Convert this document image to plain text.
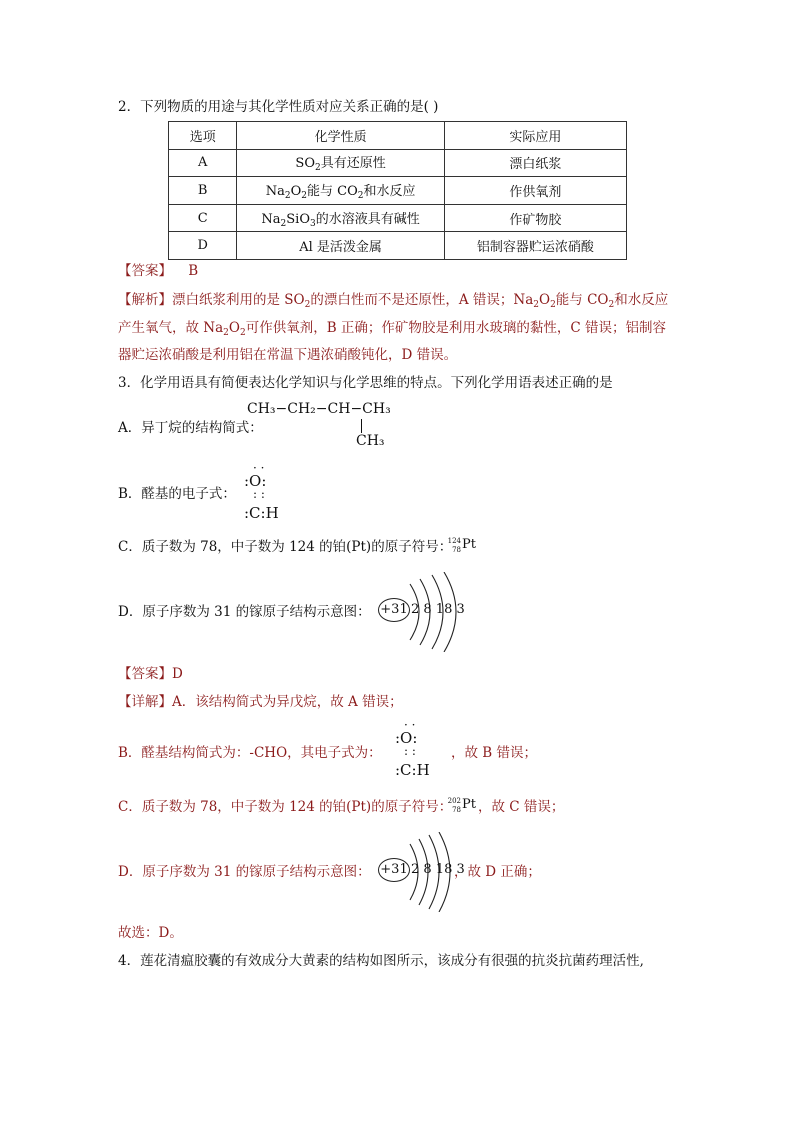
2．下列物质的用途与其化学性质对应关系正确的是( )
选项	化学性质	实际应用
A	$SO_2$具有还原性	漂白纸浆
B	$Na_2O_2$能与 $CO_2$和水反应	作供氧剂
C	$Na_2SiO_3$的水溶液具有碱性	作矿物胶
D	Al 是活泼金属	铝制容器贮运浓硝酸
【答案】 B
【解析】漂白纸浆利用的是 $SO_2$的漂白性而不是还原性，A 错误；$Na_2O_2$能与 $CO_2$和水反应
产生氧气，故 $Na_2O_2$可作供氧剂，B 正确；作矿物胶是利用水玻璃的黏性，C 错误；铝制容
器贮运浓硝酸是利用铝在常温下遇浓硝酸钝化，D 错误。
3．化学用语具有简便表达化学知识与化学思维的特点。下列化学用语表述正确的是
A．异丁烷的结构简式：
CH₃−CH₂−CH−CH₃
CH₃
B．醛基的电子式：
· ·
:O:
: :
:C:H
C．质子数为 78，中子数为 124 的铂(Pt)的原子符号：
124
78 Pt
D．原子序数为 31 的镓原子结构示意图： +31 2 8 18 3
【答案】D
【详解】A．该结构简式为异戊烷，故 A 错误；
B．醛基结构简式为：-CHO，其电子式为：
· ·
:O:
: :
:C:H
，故 B 错误；
C．质子数为 78，中子数为 124 的铂(Pt)的原子符号：
202
78 Pt ，故 C 错误；
D．原子序数为 31 的镓原子结构示意图： +31 2 8 18 3
，故 D 正确；
故选：D。
4．莲花清瘟胶囊的有效成分大黄素的结构如图所示，该成分有很强的抗炎抗菌药理活性,
